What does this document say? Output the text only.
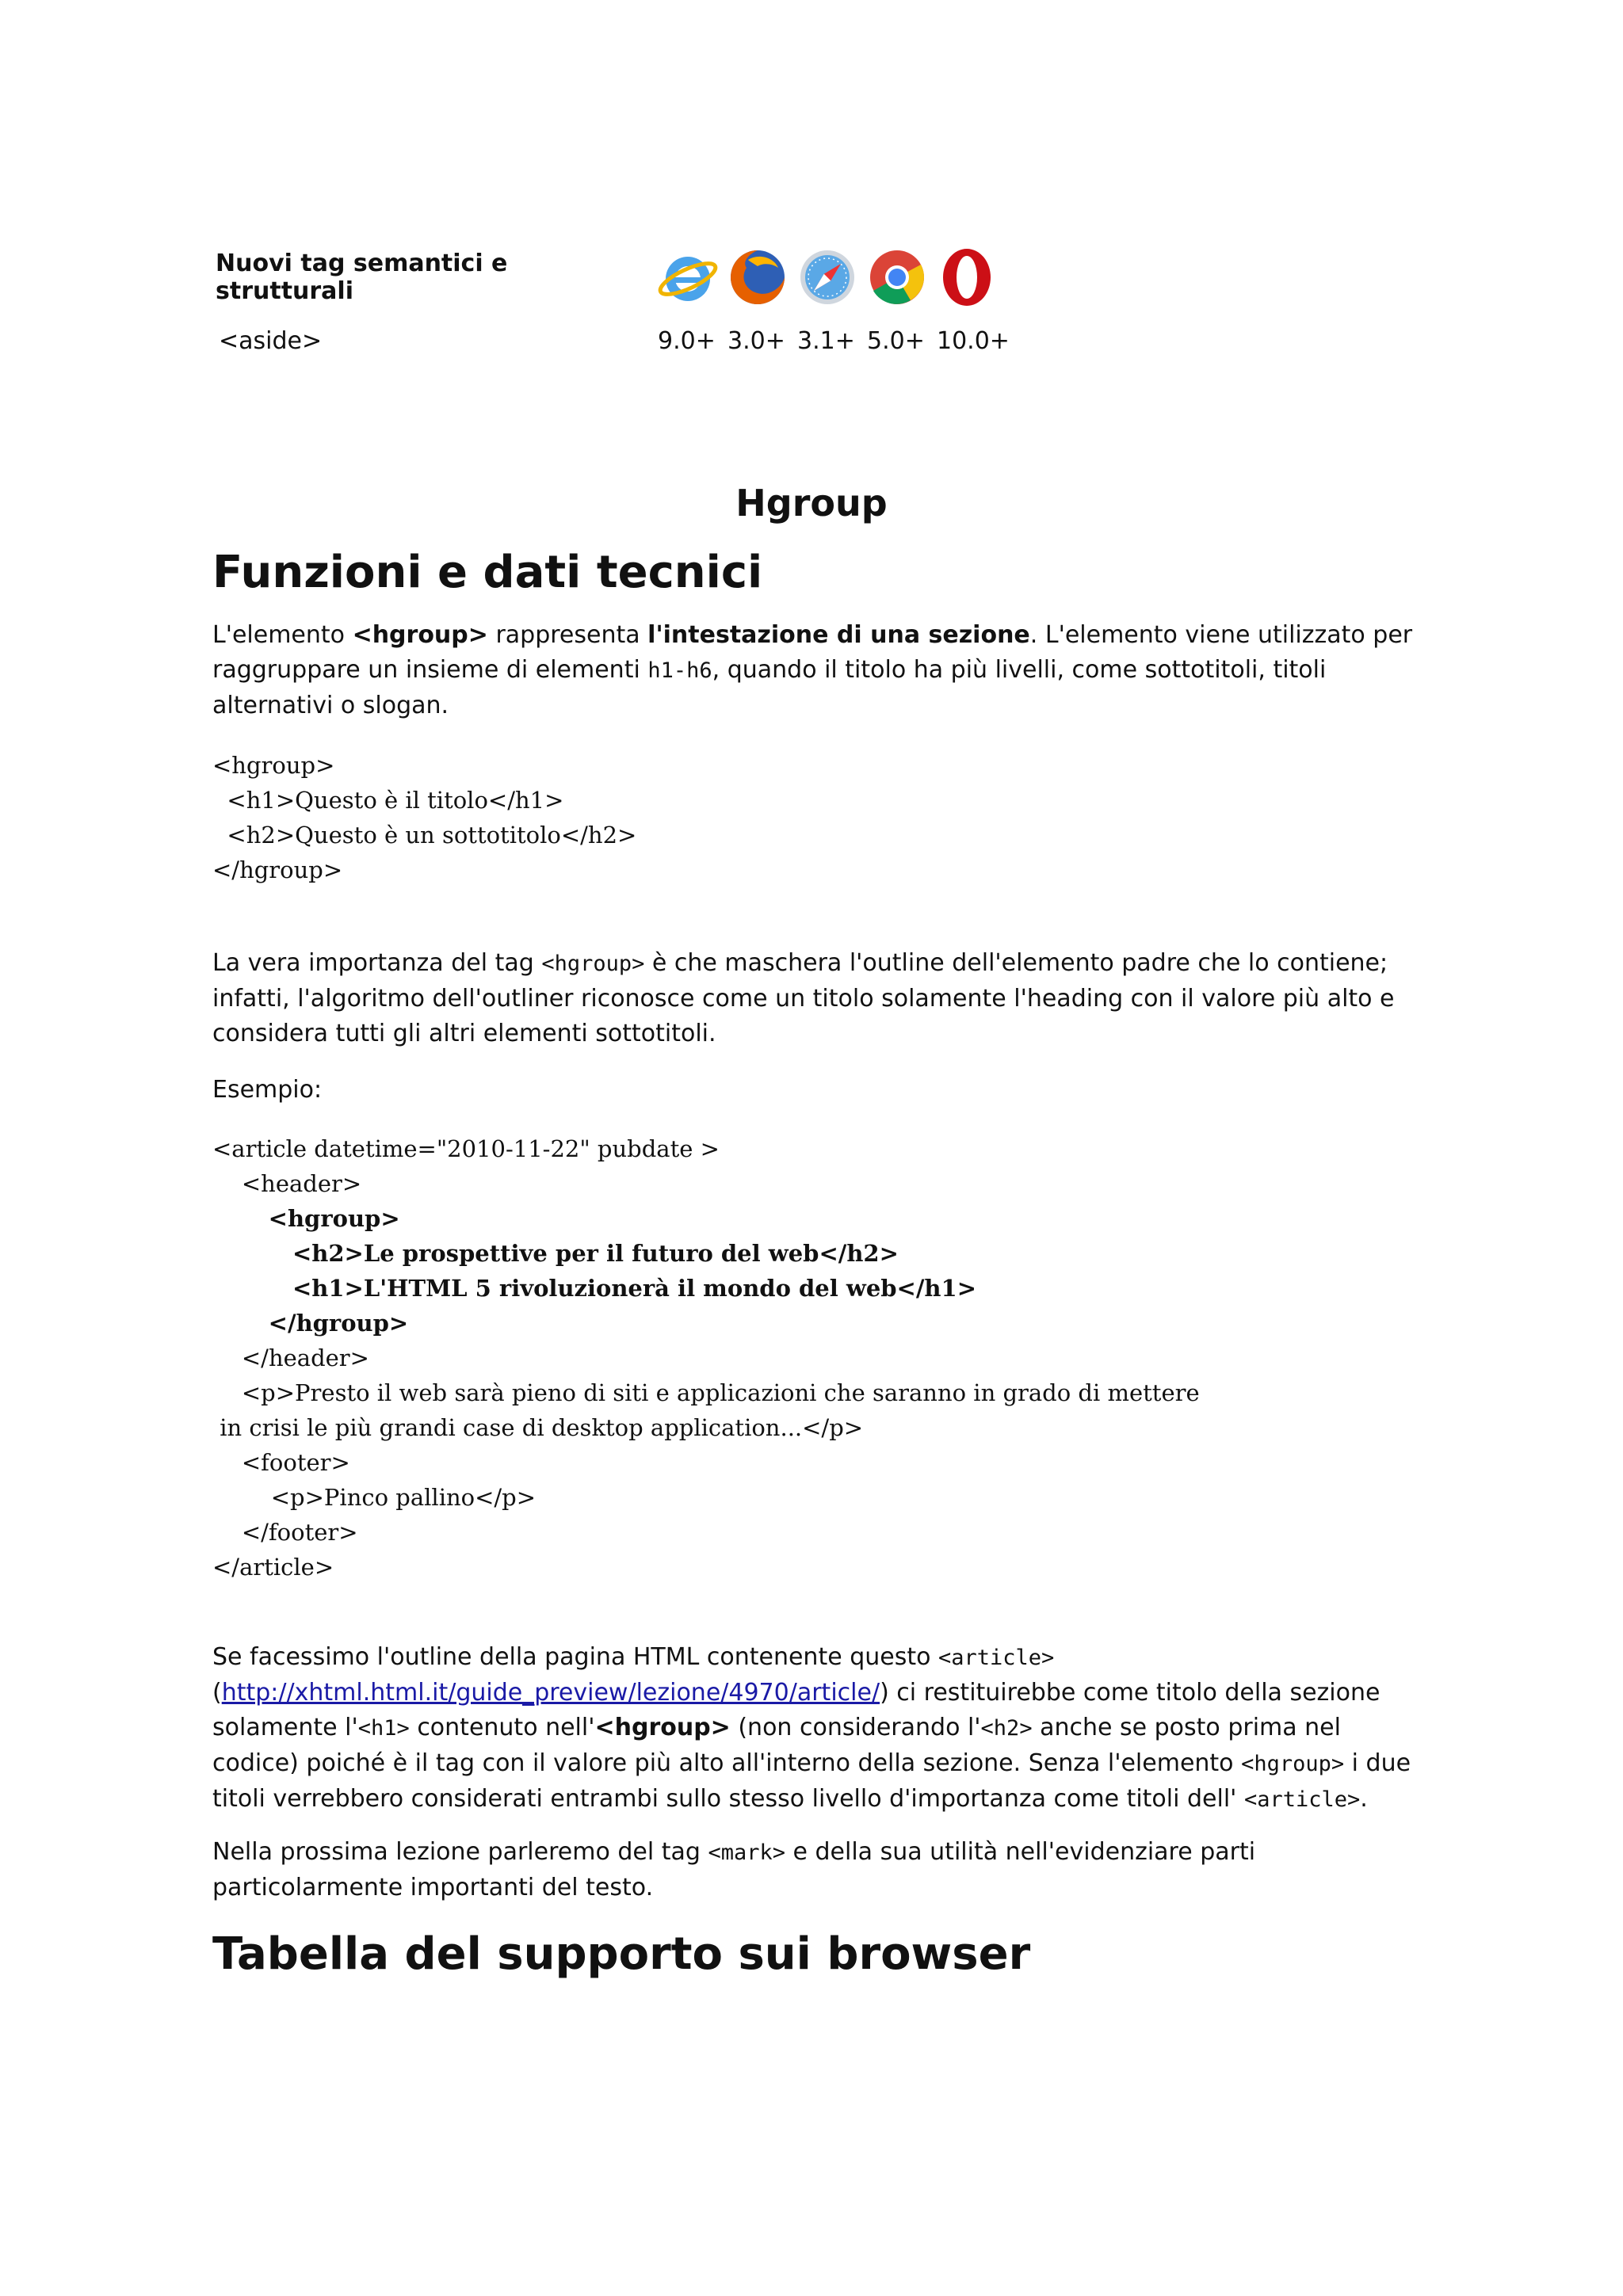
Nuovi tag semantici e strutturali
<aside>	9.0+ 3.0+ 3.1+ 5.0+ 10.0+
Hgroup
Funzioni e dati tecnici

L'elemento <hgroup> rappresenta l'intestazione di una sezione. L'elemento viene utilizzato per raggruppare un insieme di elementi h1-h6, quando il titolo ha più livelli, come sottotitoli, titoli alternativi o slogan.

<hgroup>
<h1>Questo è il titolo</h1>
<h2>Questo è un sottotitolo</h2>
</hgroup>

La vera importanza del tag <hgroup> è che maschera l'outline dell'elemento padre che lo contiene; infatti, l'algoritmo dell'outliner riconosce come un titolo solamente l'heading con il valore più alto e considera tutti gli altri elementi sottotitoli.

Esempio:
<article datetime="2010-11-22" pubdate >
<header>
<hgroup>
<h2>Le prospettive per il futuro del web</h2>
<h1>L'HTML 5 rivoluzionerà il mondo del web</h1>
</hgroup>
</header>
<p>Presto il web sarà pieno di siti e applicazioni che saranno in grado di mettere
in crisi le più grandi case di desktop application...</p>
<footer>
<p>Pinco pallino</p>
</footer>
</article>

Se facessimo l'outline della pagina HTML contenente questo <article> (http://xhtml.html.it/guide_preview/lezione/4970/article/) ci restituirebbe come titolo della sezione solamente l'<h1> contenuto nell'<hgroup> (non considerando l'<h2> anche se posto prima nel codice) poiché è il tag con il valore più alto all'interno della sezione. Senza l'elemento <hgroup> i due titoli verrebbero considerati entrambi sullo stesso livello d'importanza come titoli dell' <article>.

Nella prossima lezione parleremo del tag <mark> e della sua utilità nell'evidenziare parti particolarmente importanti del testo.

Tabella del supporto sui browser
